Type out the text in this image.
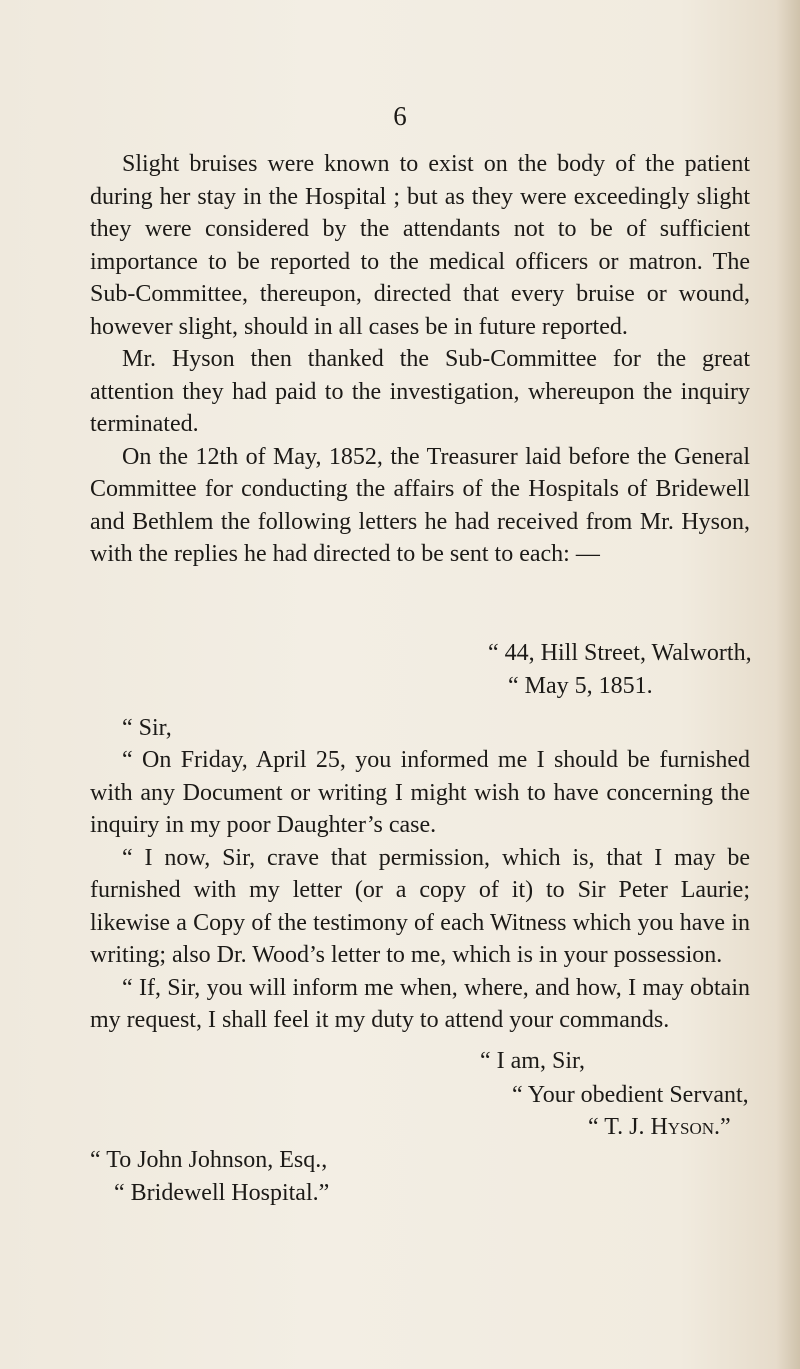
6

Slight bruises were known to exist on the body of the patient during her stay in the Hospital ; but as they were exceedingly slight they were considered by the attendants not to be of sufficient importance to be reported to the medical officers or matron. The Sub-Committee, thereupon, directed that every bruise or wound, however slight, should in all cases be in future reported.

Mr. Hyson then thanked the Sub-Committee for the great attention they had paid to the investigation, whereupon the inquiry terminated.

On the 12th of May, 1852, the Treasurer laid before the General Committee for conducting the affairs of the Hospitals of Bridewell and Bethlem the following letters he had received from Mr. Hyson, with the replies he had directed to be sent to each: —

“ 44, Hill Street, Walworth,
“ May 5, 1851.
“ Sir,

“ On Friday, April 25, you informed me I should be furnished with any Document or writing I might wish to have concerning the inquiry in my poor Daughter’s case.

“ I now, Sir, crave that permission, which is, that I may be furnished with my letter (or a copy of it) to Sir Peter Laurie; likewise a Copy of the testimony of each Witness which you have in writing; also Dr. Wood’s letter to me, which is in your possession.

“ If, Sir, you will inform me when, where, and how, I may obtain my request, I shall feel it my duty to attend your commands.

“ I am, Sir,
“ Your obedient Servant,
“ T. J. Hyson.”
“ To John Johnson, Esq.,
“ Bridewell Hospital.”
